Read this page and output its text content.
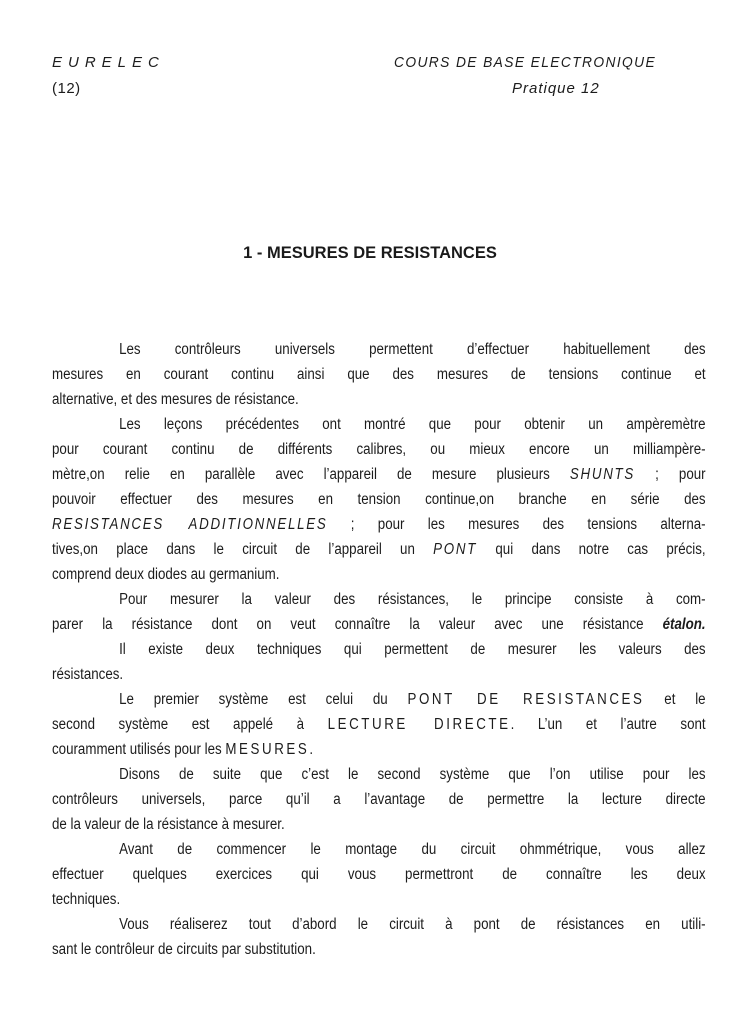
EURELEC
(12)
COURS DE BASE ELECTRONIQUE
Pratique 12
1 - MESURES DE RESISTANCES
Les contrôleurs universels permettent d’effectuer habituellement des
mesures en courant continu ainsi que des mesures de tensions continue et
alternative, et des mesures de résistance.
Les leçons précédentes ont montré que pour obtenir un ampèremètre
pour courant continu de différents calibres, ou mieux encore un milliampère-
mètre,on relie en parallèle avec l’appareil de mesure plusieurs SHUNTS ; pour
pouvoir effectuer des mesures en tension continue,on branche en série des
RESISTANCES ADDITIONNELLES ; pour les mesures des tensions alterna-
tives,on place dans le circuit de l’appareil un PONT qui dans notre cas précis,
comprend deux diodes au germanium.
Pour mesurer la valeur des résistances, le principe consiste à com-
parer la résistance dont on veut connaître la valeur avec une résistance étalon.
Il existe deux techniques qui permettent de mesurer les valeurs des
résistances.
Le premier système est celui du PONT DE RESISTANCES et le
second système est appelé à LECTURE DIRECTE. L’un et l’autre sont
couramment utilisés pour les MESURES.
Disons de suite que c’est le second système que l’on utilise pour les
contrôleurs universels, parce qu’il a l’avantage de permettre la lecture directe
de la valeur de la résistance à mesurer.
Avant de commencer le montage du circuit ohmmétrique, vous allez
effectuer quelques exercices qui vous permettront de connaître les deux
techniques.
Vous réaliserez tout d’abord le circuit à pont de résistances en utili-
sant le contrôleur de circuits par substitution.
